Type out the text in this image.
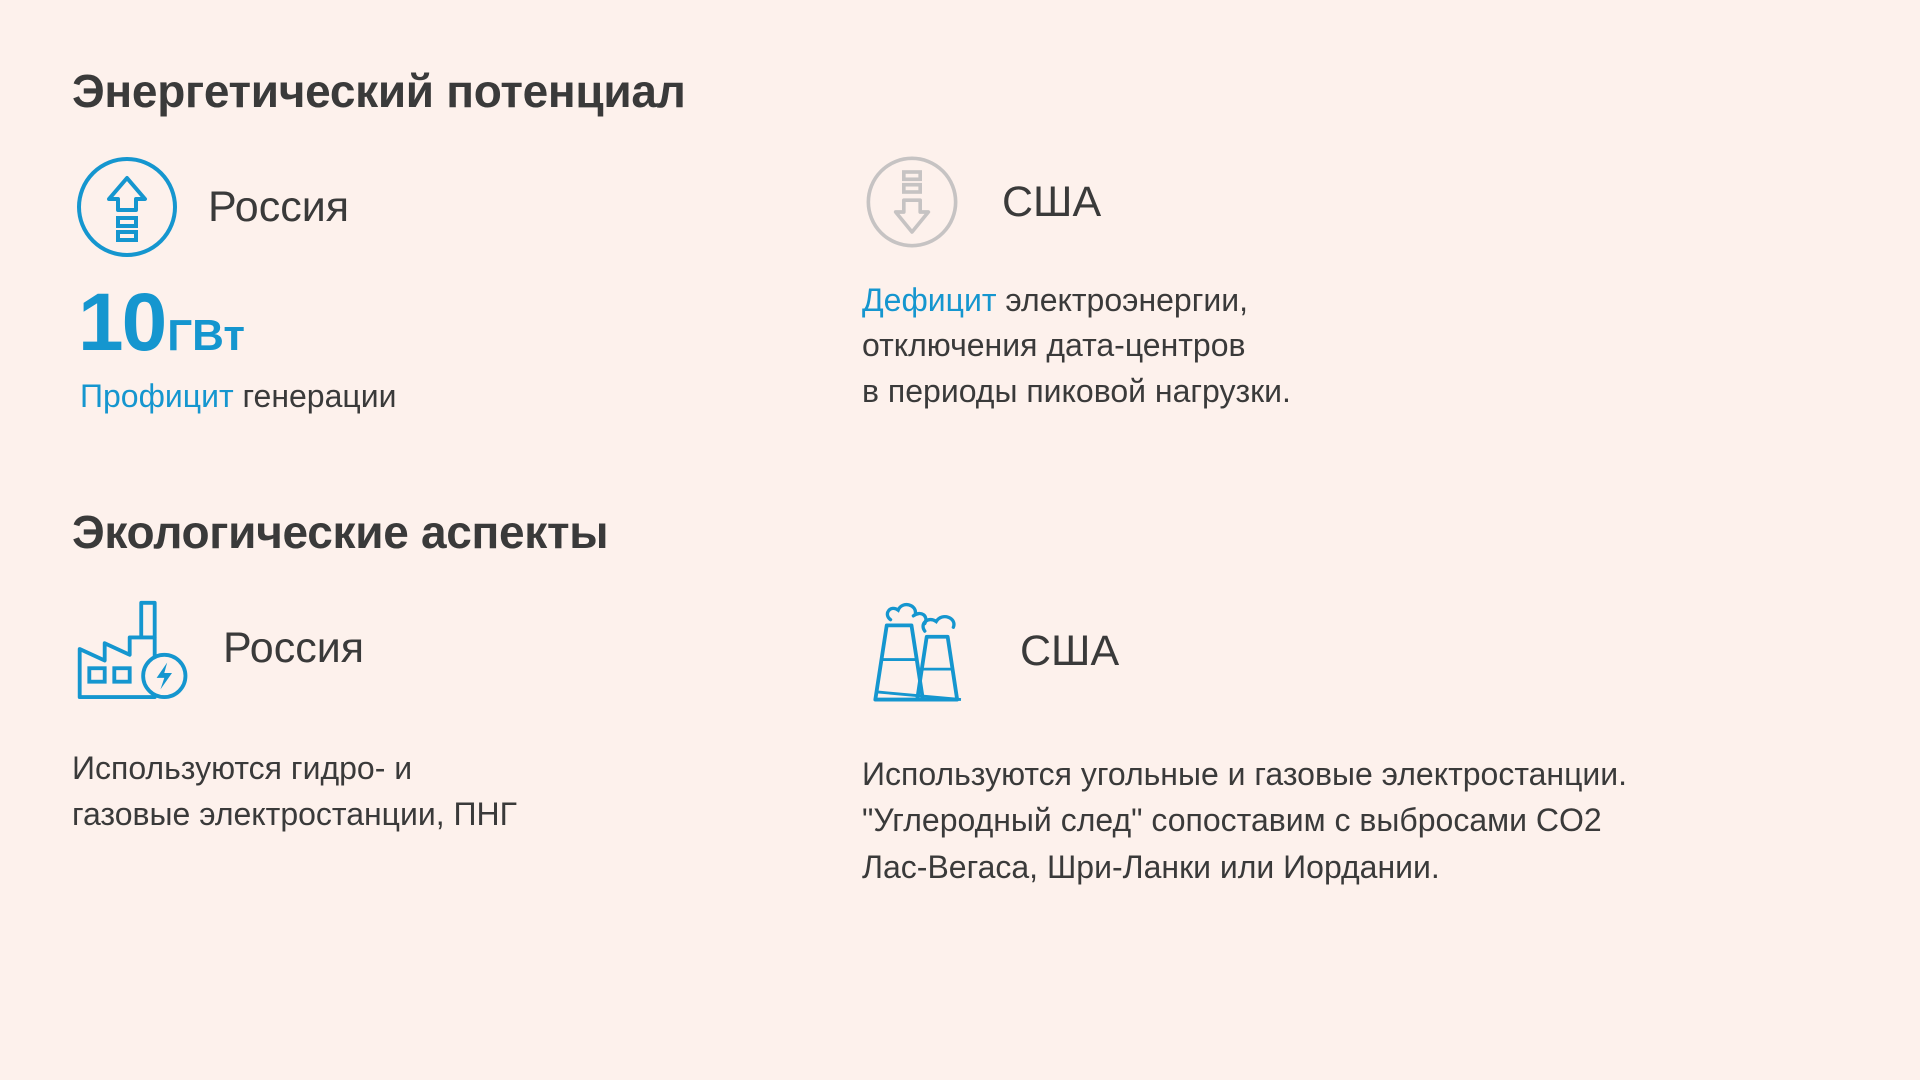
Энергетический потенциал
Россия
10 ГВт
Профицит генерации
США
Дефицит электроэнергии,
отключения дата-центров
в периоды пиковой нагрузки.
Экологические аспекты
Россия
Используются гидро- и
газовые электростанции, ПНГ
США
Используются угольные и газовые электростанции.
"Углеродный след" сопоставим с выбросами CO2
Лас-Вегаса, Шри-Ланки или Иордании.
